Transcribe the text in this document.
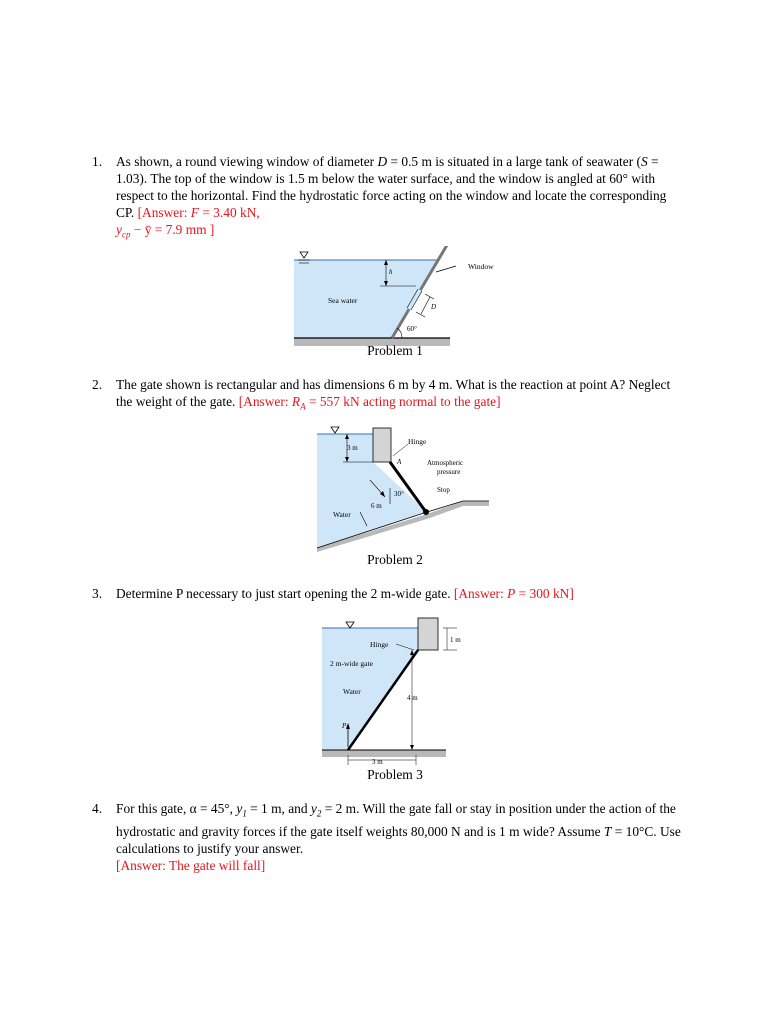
1. As shown, a round viewing window of diameter D = 0.5 m is situated in a large tank of seawater (S = 1.03). The top of the window is 1.5 m below the water surface, and the window is angled at 60° with respect to the horizontal. Find the hydrostatic force acting on the window and locate the corresponding CP. [Answer: F = 3.40 kN,
$y_{cp}$ − ȳ = 7.9 mm ]
h
D
60°
Sea water
Window
Problem 1
2. The gate shown is rectangular and has dimensions 6 m by 4 m. What is the reaction at point A? Neglect the weight of the gate. [Answer: $R_A = 557$ kN acting normal to the gate]
3 m
Hinge
A	Atmospheric
pressure
Stop
30°
6 m
Water
Problem 2
3. Determine P necessary to just start opening the 2 m-wide gate. [Answer: P = 300 kN]
Hinge	1 m
2 m-wide gate
Water
4 m
P
3 m
Problem 3
4. For this gate, α = 45°, $y_1 = 1$ m, and $y_2 = 2$ m. Will the gate fall or stay in position under the action of the hydrostatic and gravity forces if the gate itself weights 80,000 N and is 1 m wide? Assume T = 10°C. Use calculations to justify your answer.
[Answer: The gate will fall]
